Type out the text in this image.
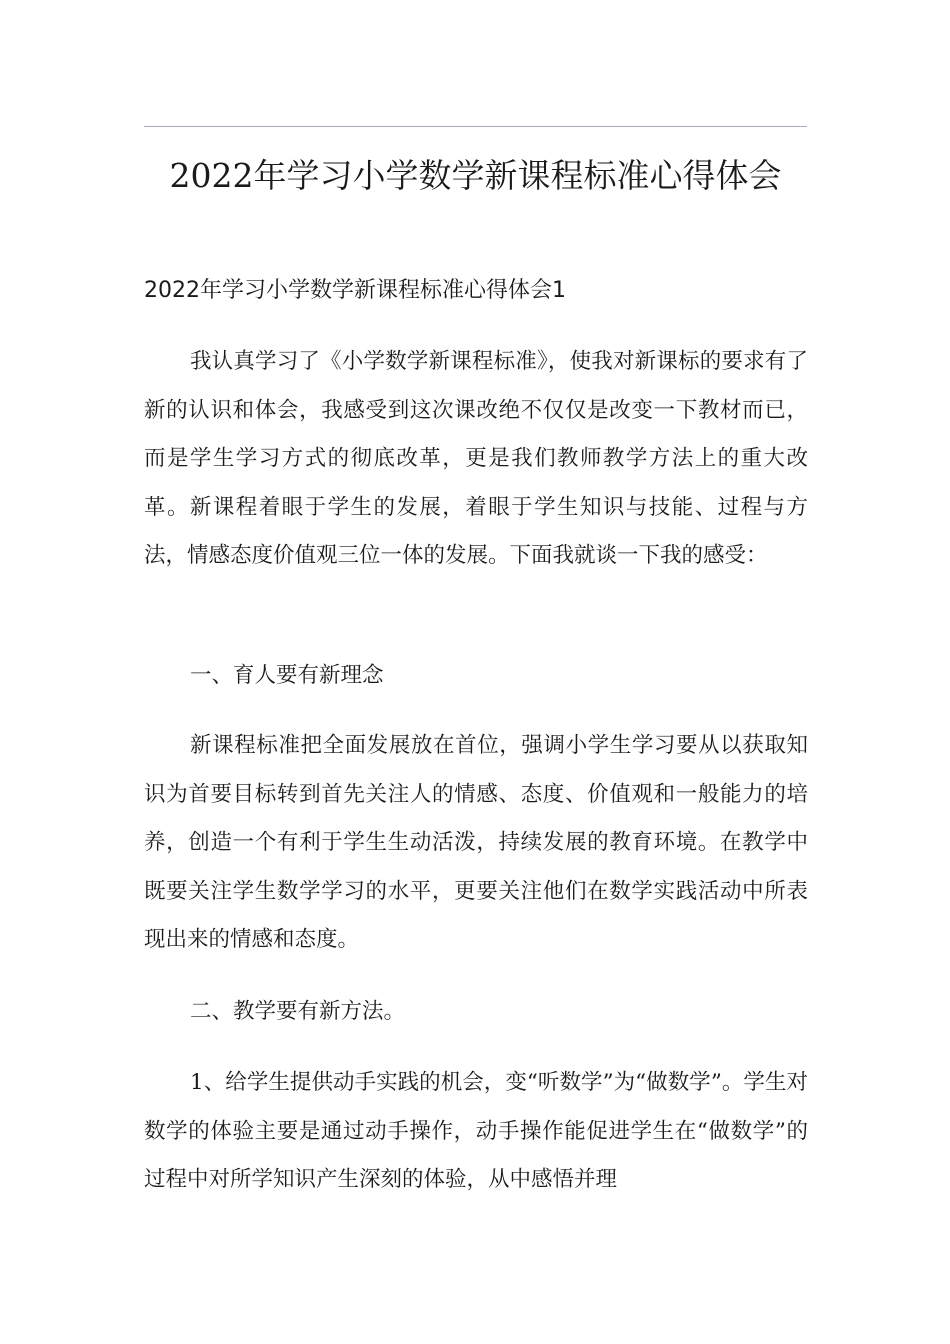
2022年学习小学数学新课程标准心得体会
2022年学习小学数学新课程标准心得体会1

我认真学习了《小学数学新课程标准》，使我对新课标的要求有了新的认识和体会，我感受到这次课改绝不仅仅是改变一下教材而已，而是学生学习方式的彻底改革，更是我们教师教学方法上的重大改革。新课程着眼于学生的发展，着眼于学生知识与技能、过程与方法，情感态度价值观三位一体的发展。下面我就谈一下我的感受：

一、育人要有新理念

新课程标准把全面发展放在首位，强调小学生学习要从以获取知识为首要目标转到首先关注人的情感、态度、价值观和一般能力的培养，创造一个有利于学生生动活泼，持续发展的教育环境。在教学中既要关注学生数学学习的水平，更要关注他们在数学实践活动中所表现出来的情感和态度。

二、教学要有新方法。

1、给学生提供动手实践的机会，变“听数学”为“做数学”。学生对数学的体验主要是通过动手操作，动手操作能促进学生在“做数学”的过程中对所学知识产生深刻的体验，从中感悟并理
